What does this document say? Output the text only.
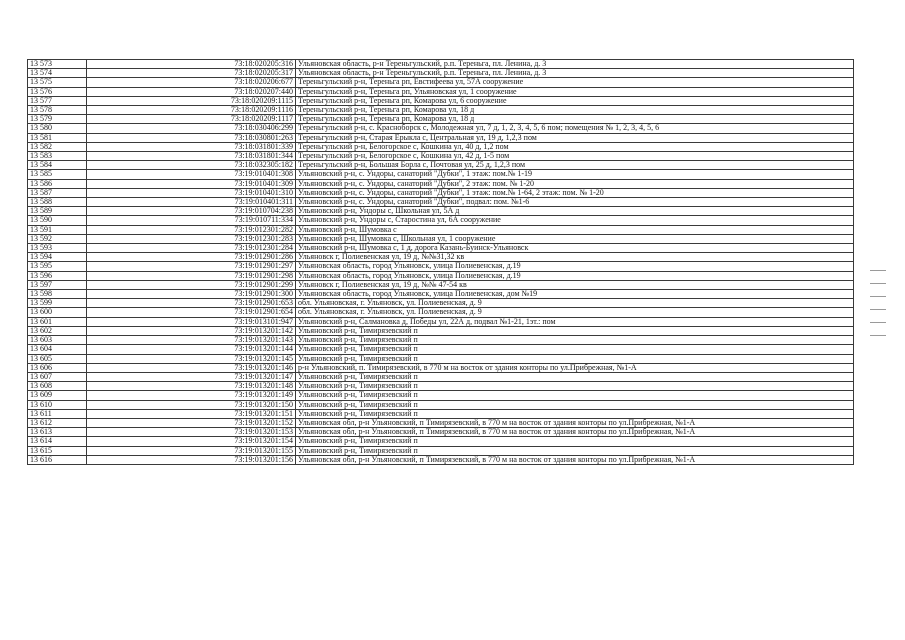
13 573	73:18:020205:316	Ульяновская область, р-н Тереньгульский, р.п. Тереньга, пл. Ленина, д. 3
13 574	73:18:020205:317	Ульяновская область, р-н Тереньгульский, р.п. Тереньга, пл. Ленина, д. 3
13 575	73:18:020206:677	Тереньгульский р-н, Тереньга рп, Евстифеева ул, 57А сооружение
13 576	73:18:020207:440	Тереньгульский р-н, Тереньга рп, Ульяновская ул, 1 сооружение
13 577	73:18:020209:1115	Тереньгульский р-н, Тереньга рп, Комарова ул, 6 сооружение
13 578	73:18:020209:1116	Тереньгульский р-н, Тереньга рп, Комарова ул, 18 д
13 579	73:18:020209:1117	Тереньгульский р-н, Тереньга рп, Комарова ул, 18 д
13 580	73:18:030406:299	Тереньгульский р-н, с. Красноборск с, Молодежная ул, 7 д, 1, 2, 3, 4, 5, 6 пом; помещения № 1, 2, 3, 4, 5, 6
13 581	73:18:030801:263	Тереньгульский р-н, Старая Ерыкла с, Центральная ул, 19 д, 1,2,3 пом
13 582	73:18:031801:339	Тереньгульский р-н, Белогорское с, Кошкина ул, 40 д, 1,2 пом
13 583	73:18:031801:344	Тереньгульский р-н, Белогорское с, Кошкина ул, 42 д, 1-5 пом
13 584	73:18:032305:182	Тереньгульский р-н, Большая Борла с, Почтовая ул, 25 д, 1,2,3 пом
13 585	73:19:010401:308	Ульяновский р-н, с. Ундоры, санаторий "Дубки", 1 этаж: пом.№ 1-19
13 586	73:19:010401:309	Ульяновский р-н, с. Ундоры, санаторий "Дубки", 2 этаж: пом. № 1-20
13 587	73:19:010401:310	Ульяновский р-н, с. Ундоры, санаторий "Дубки", 1 этаж: пом.№ 1-64, 2 этаж: пом. № 1-20
13 588	73:19:010401:311	Ульяновский р-н, с. Ундоры, санаторий "Дубки", подвал: пом. №1-6
13 589	73:19:010704:238	Ульяновский р-н, Ундоры с, Школьная ул, 5А д
13 590	73:19:010711:334	Ульяновский р-н, Ундоры с, Старостина ул, 6А сооружение
13 591	73:19:012301:282	Ульяновский р-н, Шумовка с
13 592	73:19:012301:283	Ульяновский р-н, Шумовка с, Школьная ул, 1 сооружение
13 593	73:19:012301:284	Ульяновский р-н, Шумовка с, 1 д, дорога Казань-Буинск-Ульяновск
13 594	73:19:012901:286	Ульяновск г, Полиевенская ул, 19 д, №№31,32 кв
13 595	73:19:012901:297	Ульяновская область, город Ульяновск, улица Полиевенская, д.19
13 596	73:19:012901:298	Ульяновская область, город Ульяновск, улица Полиевенская, д.19
13 597	73:19:012901:299	Ульяновск г, Полиевенская ул, 19 д, №№ 47-54 кв
13 598	73:19:012901:300	Ульяновская область, город Ульяновск, улица Полиевенская, дом №19
13 599	73:19:012901:653	обл. Ульяновская, г. Ульяновск, ул. Полиевенская, д. 9
13 600	73:19:012901:654	обл. Ульяновская, г. Ульяновск, ул. Полиевенская, д. 9
13 601	73:19:013101:947	Ульяновский р-н, Салмановка д, Победы ул, 22А д, подвал №1-21, 1эт.: пом
13 602	73:19:013201:142	Ульяновский р-н, Тимирязевский п
13 603	73:19:013201:143	Ульяновский р-н, Тимирязевский п
13 604	73:19:013201:144	Ульяновский р-н, Тимирязевский п
13 605	73:19:013201:145	Ульяновский р-н, Тимирязевский п
13 606	73:19:013201:146	р-н Ульяновский, п. Тимирязевский, в 770 м на восток от здания конторы по ул.Прибрежная, №1-А
13 607	73:19:013201:147	Ульяновский р-н, Тимирязевский п
13 608	73:19:013201:148	Ульяновский р-н, Тимирязевский п
13 609	73:19:013201:149	Ульяновский р-н, Тимирязевский п
13 610	73:19:013201:150	Ульяновский р-н, Тимирязевский п
13 611	73:19:013201:151	Ульяновский р-н, Тимирязевский п
13 612	73:19:013201:152	Ульяновская обл, р-н Ульяновский, п Тимирязевский, в 770 м на восток от здания конторы по ул.Прибрежная, №1-А
13 613	73:19:013201:153	Ульяновская обл, р-н Ульяновский, п Тимирязевский, в 770 м на восток от здания конторы по ул.Прибрежная, №1-А
13 614	73:19:013201:154	Ульяновский р-н, Тимирязевский п
13 615	73:19:013201:155	Ульяновский р-н, Тимирязевский п
13 616	73:19:013201:156	Ульяновская обл, р-н Ульяновский, п Тимирязевский, в 770 м на восток от здания конторы по ул.Прибрежная, №1-А
